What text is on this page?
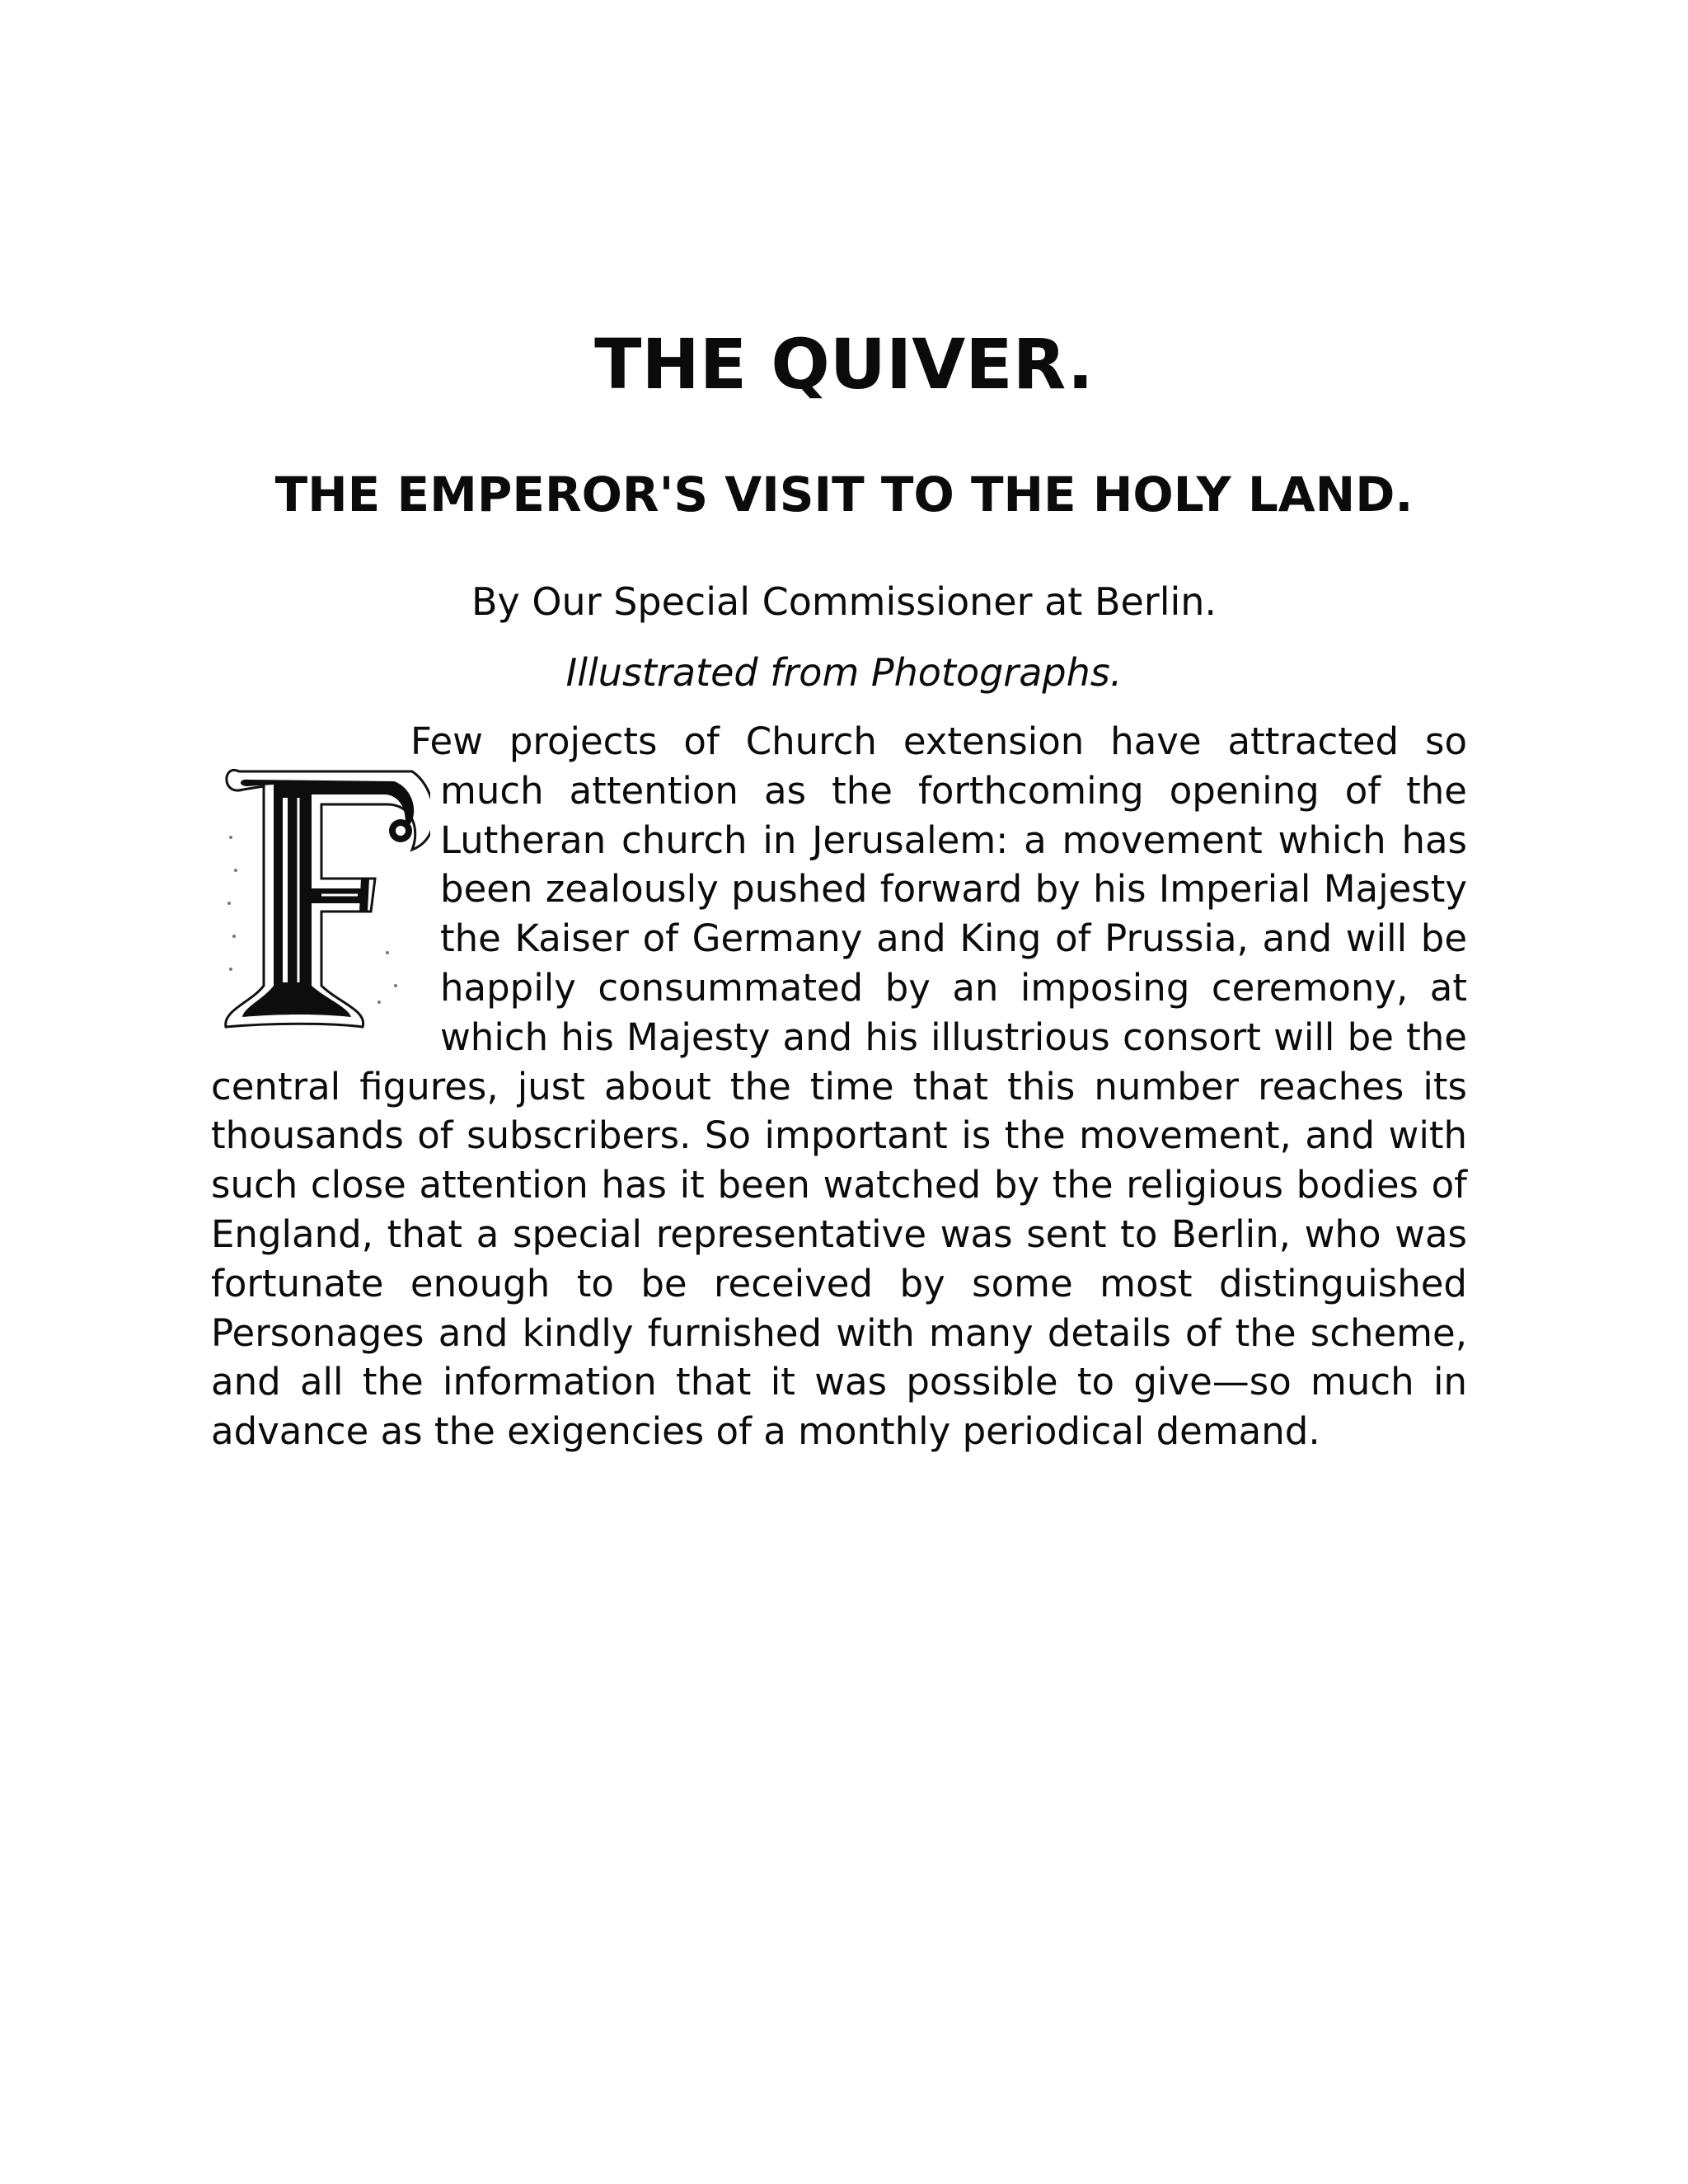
THE QUIVER.
THE EMPEROR'S VISIT TO THE HOLY LAND.

By Our Special Commissioner at Berlin.

Illustrated from Photographs.

Few projects of Church extension have attracted so much attention as the forthcoming opening of the Lutheran church in Jerusalem: a movement which has been zealously pushed forward by his Imperial Majesty the Kaiser of Germany and King of Prussia, and will be happily consummated by an imposing ceremony, at which his Majesty and his illustrious consort will be the central figures, just about the time that this number reaches its thousands of subscribers. So important is the movement, and with such close attention has it been watched by the religious bodies of England, that a special representative was sent to Berlin, who was fortunate enough to be received by some most distinguished Personages and kindly furnished with many details of the scheme, and all the information that it was possible to give—so much in advance as the exigencies of a monthly periodical demand.
